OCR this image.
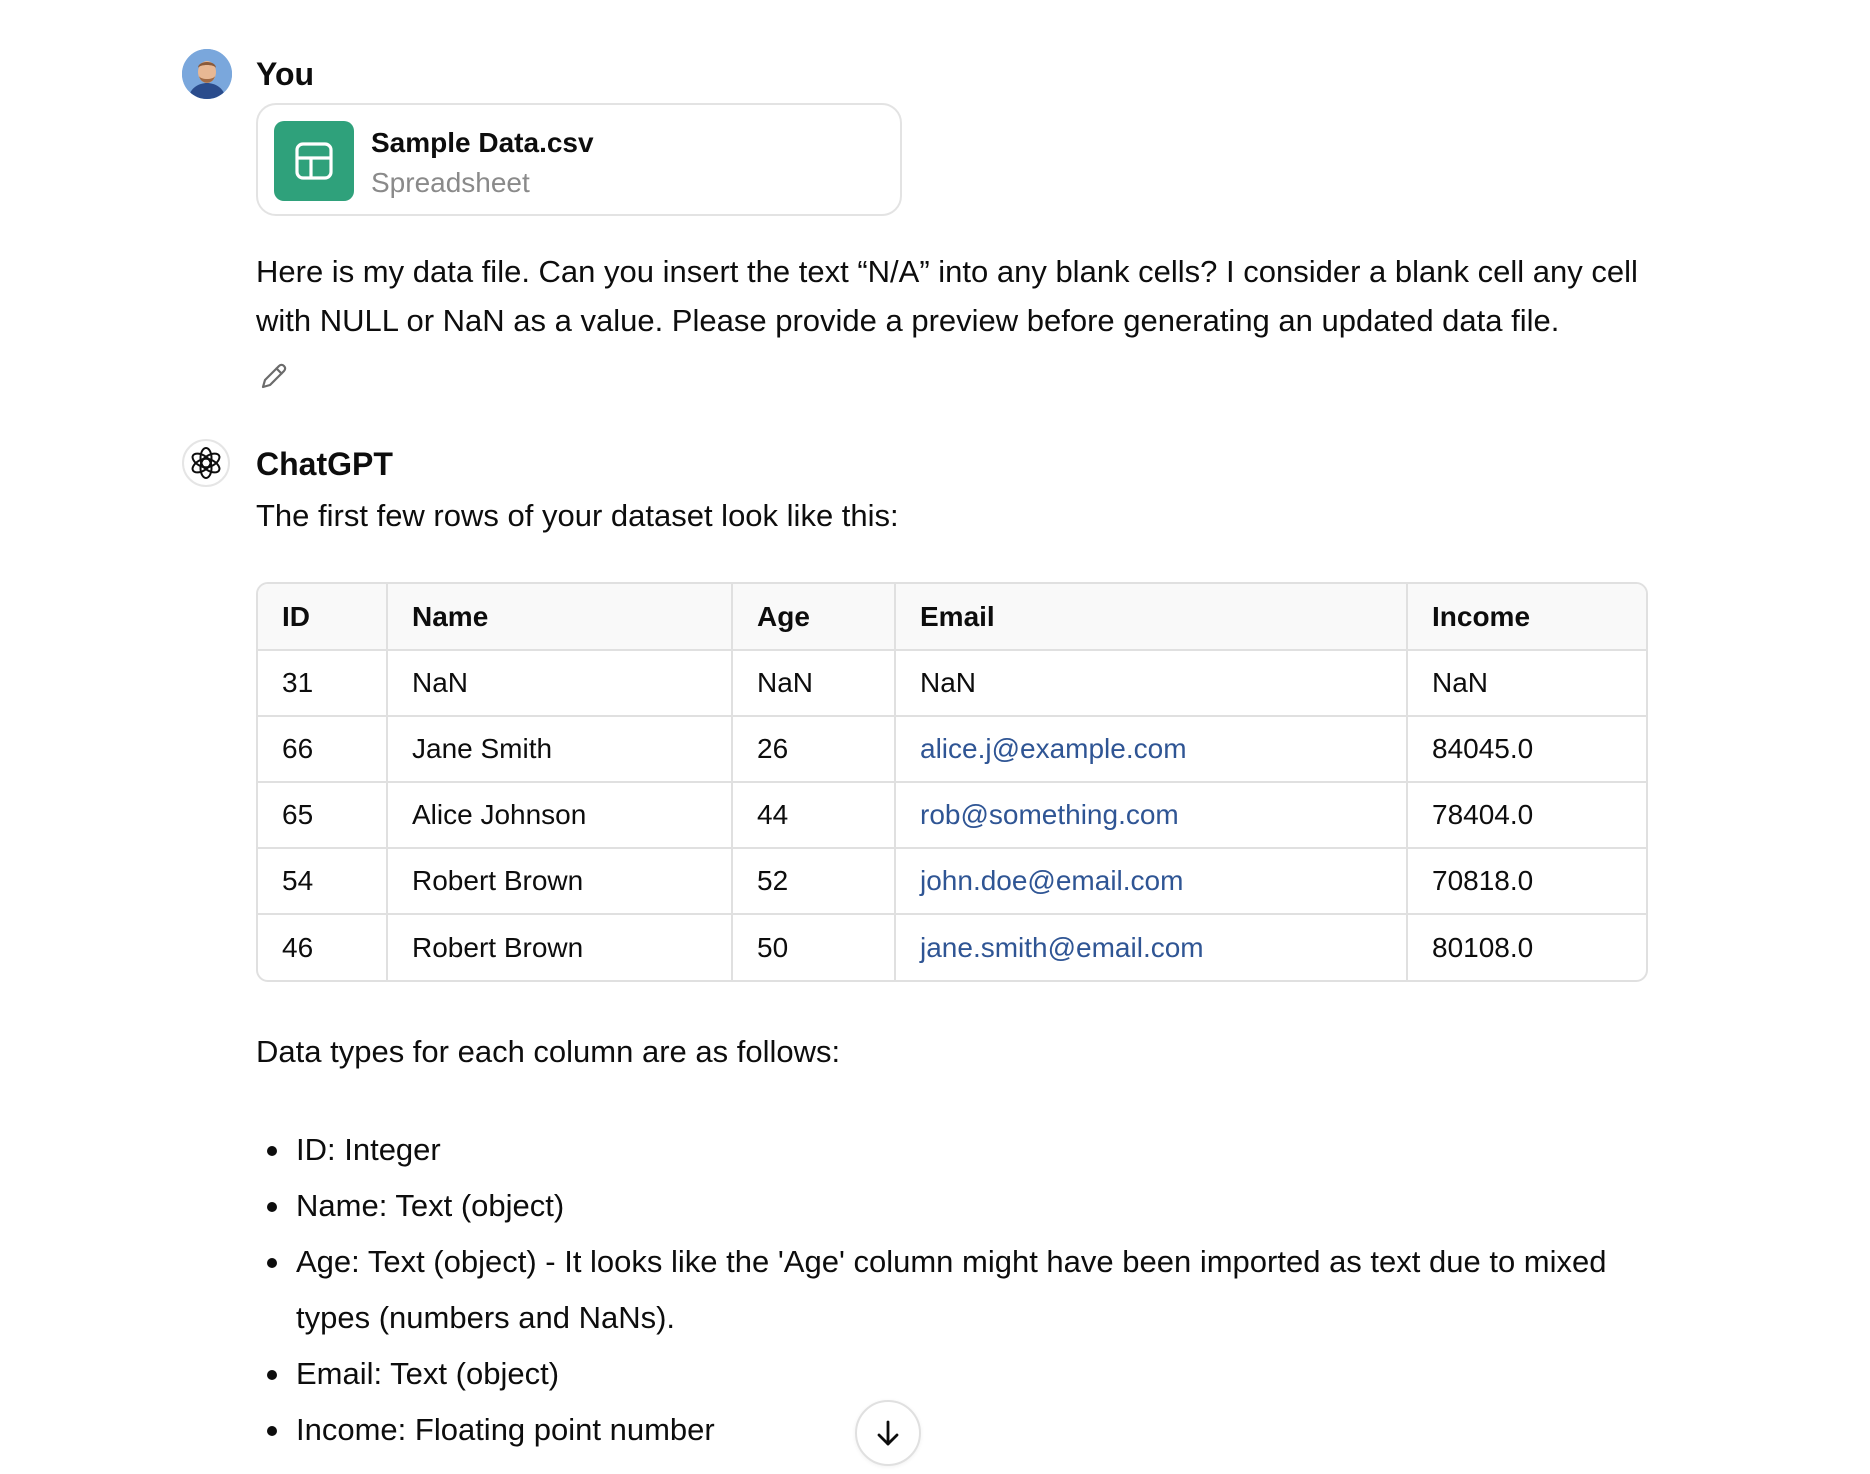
You
Sample Data.csv
Spreadsheet
Here is my data file. Can you insert the text “N/A” into any blank cells? I consider a blank cell any cell with NULL or NaN as a value. Please provide a preview before generating an updated data file.
ChatGPT
The first few rows of your dataset look like this:
ID	Name	Age	Email	Income
31	NaN	NaN	NaN	NaN
66	Jane Smith	26	alice.j@example.com	84045.0
65	Alice Johnson	44	rob@something.com	78404.0
54	Robert Brown	52	john.doe@email.com	70818.0
46	Robert Brown	50	jane.smith@email.com	80108.0
Data types for each column are as follows:
ID: Integer
Name: Text (object)
Age: Text (object) - It looks like the 'Age' column might have been imported as text due to mixed types (numbers and NaNs).
Email: Text (object)
Income: Floating point number
